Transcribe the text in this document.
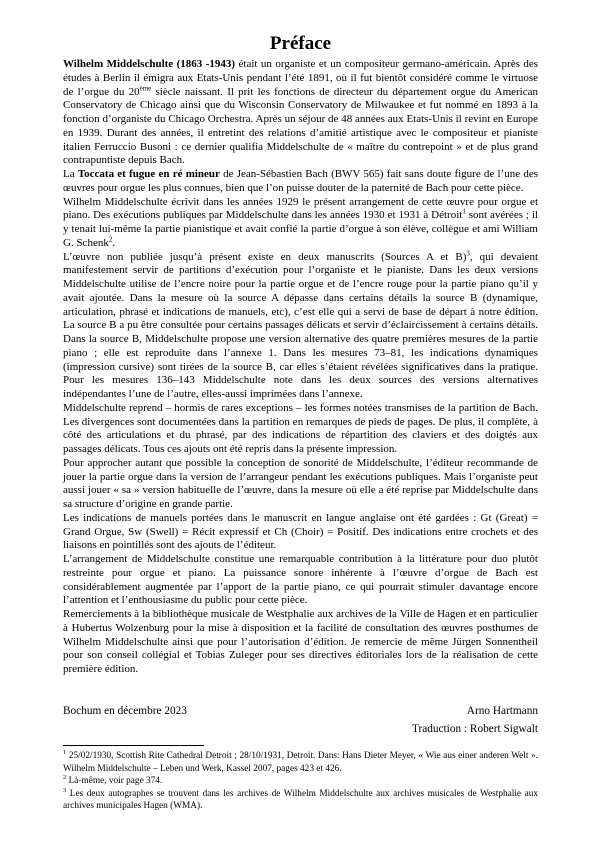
Préface

Wilhelm Middelschulte (1863 -1943) était un organiste et un compositeur germano-américain. Après des études à Berlin il émigra aux Etats-Unis pendant l’été 1891, où il fut bientôt considéré comme le virtuose de l’orgue du 20ème siècle naissant. Il prit les fonctions de directeur du département orgue du American Conservatory de Chicago ainsi que du Wisconsin Conservatory de Milwaukee et fut nommé en 1893 à la fonction d’organiste du Chicago Orchestra. Après un séjour de 48 années aux Etats-Unis il revint en Europe en 1939. Durant des années, il entretint des relations d’amitié artistique avec le compositeur et pianiste italien Ferruccio Busoni : ce dernier qualifia Middelschulte de « maître du contrepoint » et de plus grand contrapuntiste depuis Bach.

La Toccata et fugue en ré mineur de Jean-Sébastien Bach (BWV 565) fait sans doute figure de l’une des œuvres pour orgue les plus connues, bien que l’on puisse douter de la paternité de Bach pour cette pièce.

Wilhelm Middelschulte écrivit dans les années 1929 le présent arrangement de cette œuvre pour orgue et piano. Des exécutions publiques par Middelschulte dans les années 1930 et 1931 à Détroit$^1$ sont avérées ; il y tenait lui-même la partie pianistique et avait confié la partie d’orgue à son élève, collègue et ami William G. Schenk$^2$.

L’œuvre non publiée jusqu’à présent existe en deux manuscrits (Sources A et B)$^3$, qui devaient manifestement servir de partitions d’exécution pour l’organiste et le pianiste. Dans les deux versions Middelschulte utilise de l’encre noire pour la partie orgue et de l’encre rouge pour la partie piano qu’il y avait ajoutée. Dans la mesure où la source A dépasse dans certains détails la source B (dynamique, articulation, phrasé et indications de manuels, etc), c’est elle qui a servi de base de départ à notre édition. La source B a pu être consultée pour certains passages délicats et servir d’éclaircissement à certains détails. Dans la source B, Middelschulte propose une version alternative des quatre premières mesures de la partie piano ; elle est reproduite dans l’annexe 1. Dans les mesures 73–81, les indications dynamiques (impression cursive) sont tirées de la source B, car elles s’étaient révélées significatives dans la pratique. Pour les mesures 136–143 Middelschulte note dans les deux sources des versions alternatives indépendantes l’une de l’autre, elles-aussi imprimées dans l’annexe.

Middelschulte reprend – hormis de rares exceptions – les formes notées transmises de la partition de Bach. Les divergences sont documentées dans la partition en remarques de pieds de pages. De plus, il complète, à côté des articulations et du phrasé, par des indications de répartition des claviers et des doigtés aux passages délicats. Tous ces ajouts ont été repris dans la présente impression.

Pour approcher autant que possible la conception de sonorité de Middelschulte, l’éditeur recommande de jouer la partie orgue dans la version de l’arrangeur pendant les exécutions publiques. Mais l’organiste peut aussi jouer « sa » version habituelle de l’œuvre, dans la mesure où elle a été reprise par Middelschulte dans sa structure d’origine en grande partie.

Les indications de manuels portées dans le manuscrit en langue anglaise ont été gardées : Gt (Great) = Grand Orgue, Sw (Swell) = Récit expressif et Ch (Choir) = Positif. Des indications entre crochets et des liaisons en pointillés sont des ajouts de l’éditeur.

L’arrangement de Middelschulte constitue une remarquable contribution à la littérature pour duo plutôt restreinte pour orgue et piano. La puissance sonore inhérente à l’œuvre d’orgue de Bach est considérablement augmentée par l’apport de la partie piano, ce qui pourrait stimuler davantage encore l’attention et l’enthousiasme du public pour cette pièce.

Remerciements à la bibliothèque musicale de Westphalie aux archives de la Ville de Hagen et en particulier à Hubertus Wolzenburg pour la mise à disposition et la facilité de consultation des œuvres posthumes de Wilhelm Middelschulte ainsi que pour l’autorisation d’édition. Je remercie de même Jürgen Sonnentheil pour son conseil collégial et Tobias Zuleger pour ses directives éditoriales lors de la réalisation de cette première édition.

Bochum en décembre 2023	Arno Hartmann
Traduction : Robert Sigwalt

$^1$ 25/02/1930, Scottish Rite Cathedral Detroit ; 28/10/1931, Detroit. Dans: Hans Dieter Meyer, « Wie aus einer anderen Welt ». Wilhelm Middelschulte – Leben und Werk, Kassel 2007, pages 423 et 426.

$^2$ Là-même, voir page 374.

$^3$ Les deux autographes se trouvent dans les archives de Wilhelm Middelschulte aux archives musicales de Westphalie aux archives municipales Hagen (WMA).
